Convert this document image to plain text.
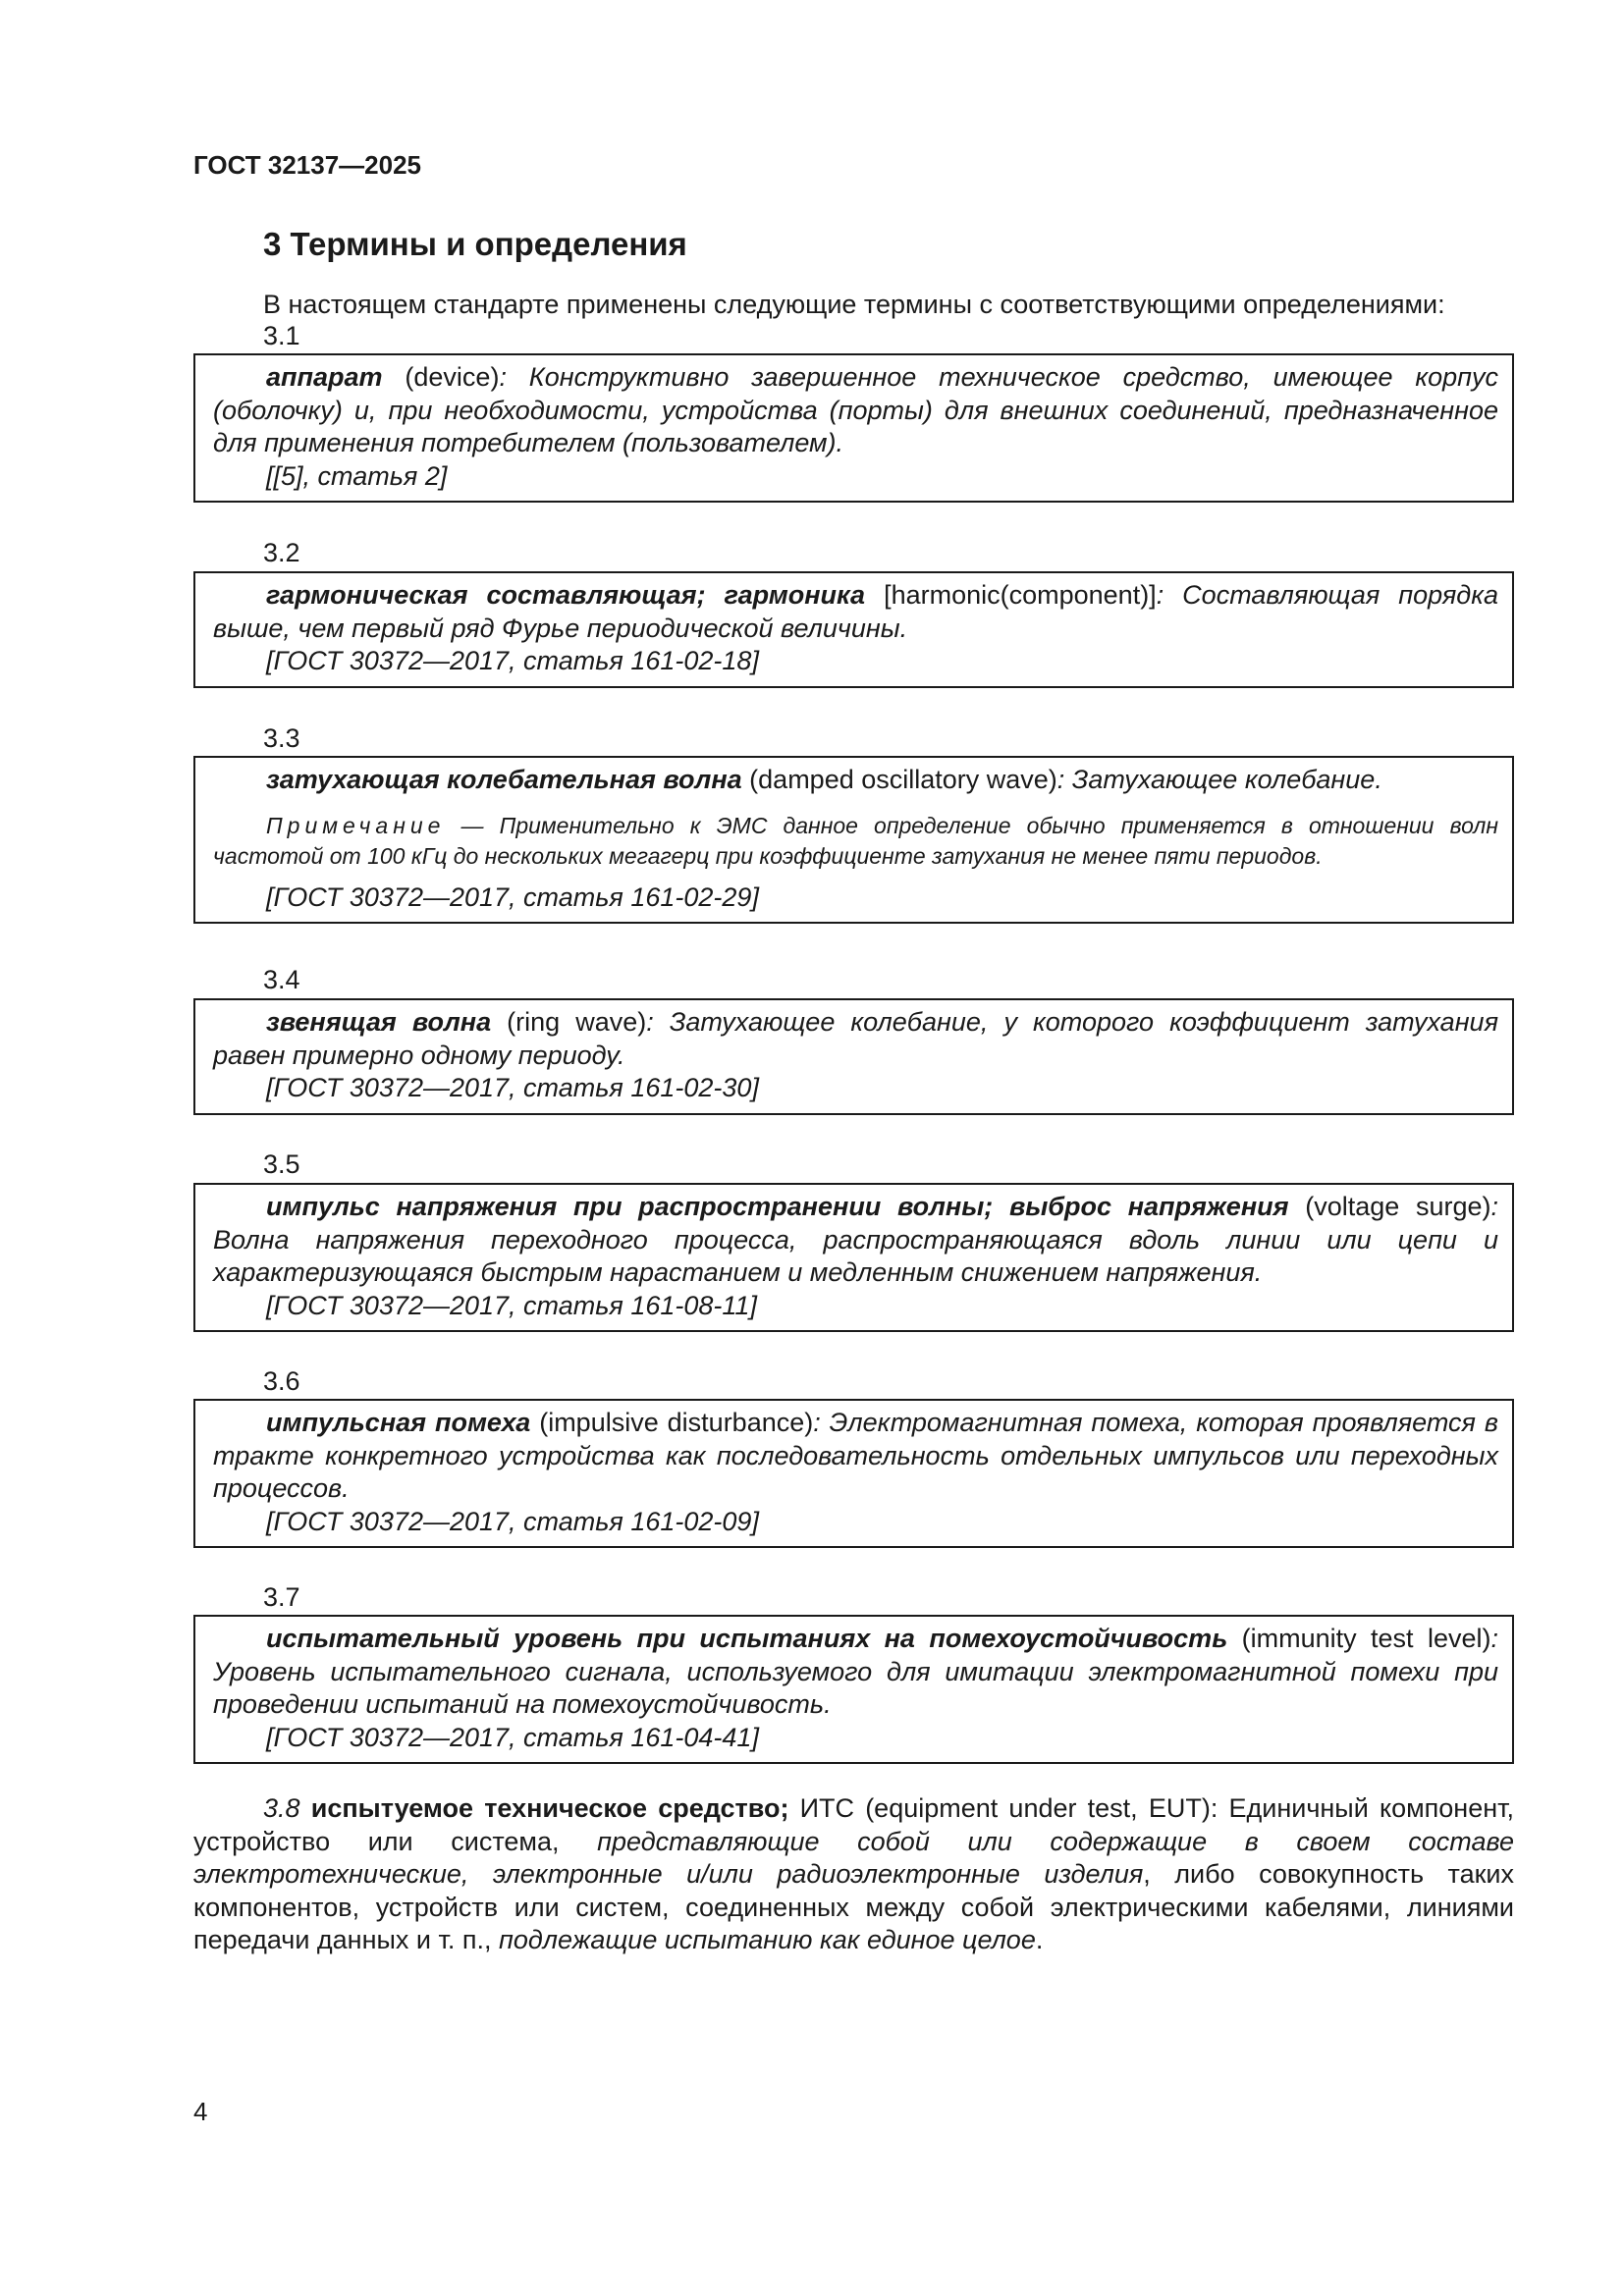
ГОСТ 32137—2025
3 Термины и определения
В настоящем стандарте применены следующие термины с соответствующими определениями:
3.1

аппарат (device): Конструктивно завершенное техническое средство, имеющее корпус (оболочку) и, при необходимости, устройства (порты) для внешних соединений, предназначенное для применения потребителем (пользователем).

[[5], статья 2]
3.2

гармоническая составляющая; гармоника [harmonic(component)]: Составляющая порядка выше, чем первый ряд Фурье периодической величины.

[ГОСТ 30372—2017, статья 161-02-18]
3.3

затухающая колебательная волна (damped oscillatory wave): Затухающее колебание.

Примечание — Применительно к ЭМС данное определение обычно применяется в отношении волн частотой от 100 кГц до нескольких мегагерц при коэффициенте затухания не менее пяти периодов.

[ГОСТ 30372—2017, статья 161-02-29]
3.4

звенящая волна (ring wave): Затухающее колебание, у которого коэффициент затухания равен примерно одному периоду.

[ГОСТ 30372—2017, статья 161-02-30]
3.5

импульс напряжения при распространении волны; выброс напряжения (voltage surge): Волна напряжения переходного процесса, распространяющаяся вдоль линии или цепи и характеризующаяся быстрым нарастанием и медленным снижением напряжения.

[ГОСТ 30372—2017, статья 161-08-11]
3.6

импульсная помеха (impulsive disturbance): Электромагнитная помеха, которая проявляется в тракте конкретного устройства как последовательность отдельных импульсов или переходных процессов.

[ГОСТ 30372—2017, статья 161-02-09]
3.7

испытательный уровень при испытаниях на помехоустойчивость (immunity test level): Уровень испытательного сигнала, используемого для имитации электромагнитной помехи при проведении испытаний на помехоустойчивость.

[ГОСТ 30372—2017, статья 161-04-41]

3.8 испытуемое техническое средство; ИТС (equipment under test, EUT): Единичный компонент, устройство или система, представляющие собой или содержащие в своем составе электротехнические, электронные и/или радиоэлектронные изделия, либо совокупность таких компонентов, устройств или систем, соединенных между собой электрическими кабелями, линиями передачи данных и т. п., подлежащие испытанию как единое целое.

4
